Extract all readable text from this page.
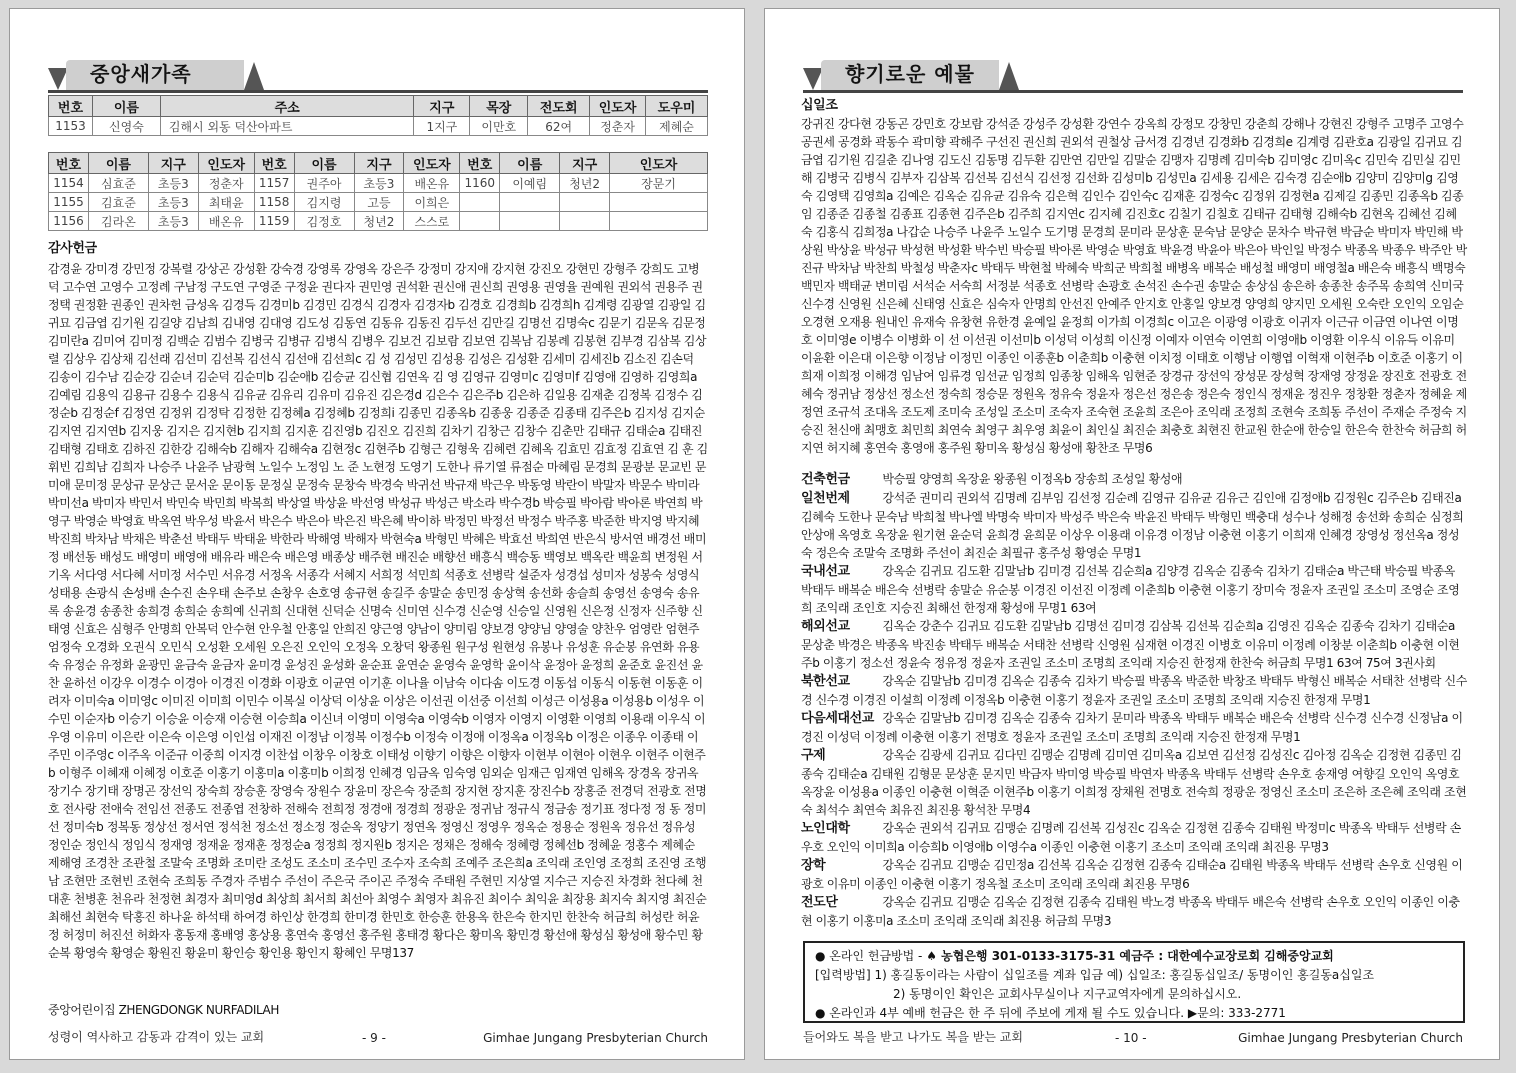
중앙새가족
번호	이름	주소	지구	목장	전도회	인도자	도우미
1153	신영숙	김해시 외동 덕산아파트	1지구	이만호	62여	정춘자	제혜순
번호	이름	지구	인도자	번호	이름	지구	인도자	번호	이름	지구	인도자
1154	심효준	초등3	정춘자	1157	권주아	초등3	배온유	1160	이예림	청년2	장문기
1155	김효준	초등3	최태윤	1158	김지령	고등	이희은				
1156	김라온	초등3	배온유	1159	김정호	청년2	스스로				
감사헌금
감경윤 강미경 강민정 강복렬 강상곤 강성환 강숙경 강영록 강영옥 강은주 강정미 강지애 강지현 강진오 강현민 강형주 강희도 고병덕 고수연 고영수 고정례 구남정 구도연 구영준 구정윤 권다자 권민영 권석환 권신애 권신희 권영용 권영율 권예원 권외석 권용주 권정택 권정환 권종인 권차헌 금성옥 김경득 김경미b 김경민 김경식 김경자 김경자b 김경호 김경희b 김경희h 김계령 김광열 김광일 김귀묘 김금엽 김기원 김길양 김남희 김내영 김대영 김도성 김동연 김동유 김동진 김두선 김만길 김명선 김명숙c 김문기 김문옥 김문정 김미란a 김미여 김미정 김백순 김범수 김병국 김병규 김병식 김병우 김보건 김보람 김보연 김복남 김봉례 김봉현 김부경 김삼복 김상렬 김상우 김상채 김선래 김선미 김선복 김선식 김선애 김선희c 김 성 김성민 김성용 김성은 김성환 김세미 김세진b 김소진 김손덕 김송이 김수남 김순강 김순녀 김순덕 김순미b 김순애b 김승균 김신협 김연옥 김 영 김영규 김영미c 김영미f 김영애 김영하 김영희a 김예림 김용익 김용규 김용수 김용식 김유균 김유리 김유미 김유진 김은경d 김은수 김은주b 김은하 김일용 김재춘 김정복 김정수 김정순b 김정순f 김정연 김정위 김정탁 김정한 김정혜a 김정혜b 김정희i 김종민 김종옥b 김종웅 김종준 김종태 김주은b 김지성 김지순 김지연 김지연b 김지웅 김지은 김지현b 김지희 김지훈 김진영b 김진오 김진희 김차기 김창근 김창수 김춘만 김태규 김태순a 김태진 김태형 김태호 김하진 김한강 김해숙b 김해자 김해숙a 김현정c 김현주b 김형근 김형욱 김혜련 김혜옥 김효민 김효정 김효연 김 훈 김휘빈 김희남 김희자 나승주 나윤주 남광혁 노일수 노정임 노 준 노현정 도영기 도한나 류기열 류점순 마혜림 문경희 문광분 문교빈 문미애 문미정 문상규 문상근 문서운 문이동 문정실 문정숙 문창숙 박경숙 박귀선 박규재 박근우 박동영 박란이 박말자 박문수 박미라 박미선a 박미자 박민서 박민숙 박민희 박복희 박상열 박상윤 박선영 박성규 박성근 박소라 박수경b 박승필 박아람 박아론 박연희 박영구 박영순 박영효 박옥연 박우성 박윤서 박은수 박은아 박은진 박은혜 박이하 박정민 박정선 박정수 박주홍 박준한 박지영 박지혜 박진희 박차남 박채은 박춘선 박태두 박태윤 박한라 박해영 박해자 박현숙a 박형민 박혜은 박효선 박희연 반은식 방서연 배경선 배미정 배선동 배성도 배영미 배영애 배유라 배은숙 배은영 배종상 배주현 배진순 배향선 배흥식 백승동 백영보 백옥란 백윤희 변정원 서기옥 서다영 서다혜 서미정 서수민 서유경 서정옥 서종각 서혜지 서희정 석민희 석종호 선병락 설준자 성경섭 성미자 성봉숙 성영식 성태용 손광식 손성배 손수진 손우태 손주보 손창우 손호영 송규현 송길주 송말순 송민정 송상혁 송선화 송슬희 송영선 송영숙 송유록 송윤경 송종찬 송희경 송희순 송희예 신귀희 신대현 신덕순 신명숙 신미연 신수경 신순영 신승일 신영원 신은정 신정자 신주향 신태영 신효은 심형주 안명희 안복덕 안수현 안우철 안홍일 안희진 양근영 양남이 양미림 양보경 양양님 양영술 양찬우 엄영란 엄현주 엄정숙 오경화 오권식 오민식 오성환 오세원 오은진 오인익 오정옥 오창덕 왕종원 원구성 원현성 유봉나 유성훈 유순봉 유연화 유용숙 유정순 유정화 윤광민 윤금숙 윤금자 윤미경 윤성진 윤성화 윤순표 윤연순 윤영숙 윤영학 윤이삭 윤정아 윤정희 윤준호 윤진선 윤 찬 윤하선 이강우 이경수 이경아 이경진 이경화 이광호 이균연 이기훈 이나율 이남숙 이다솜 이도경 이동섭 이동식 이동현 이동훈 이려자 이미숙a 이미영c 이미진 이미희 이민수 이복실 이상덕 이상윤 이상은 이선권 이선중 이선희 이성근 이성용a 이성용b 이성우 이수민 이순자b 이승기 이승윤 이승재 이승현 이승희a 이신녀 이영미 이영숙a 이영숙b 이영자 이영지 이영환 이영희 이용래 이우식 이우영 이유미 이은란 이은숙 이은영 이인섭 이재진 이정남 이정복 이정수b 이정숙 이정애 이정옥a 이정옥b 이정은 이종우 이종태 이주민 이주영c 이주옥 이준규 이중희 이지경 이찬섭 이창우 이창호 이태성 이향기 이향은 이향자 이현부 이현아 이현우 이현주 이현주b 이형주 이혜재 이혜정 이호준 이홍기 이홍미a 이홍미b 이희정 인혜경 임금옥 임숙영 임외순 임재근 임재연 임해옥 장경옥 장귀옥 장기수 장기태 장명곤 장선익 장숙희 장승훈 장영숙 장원수 장윤미 장은숙 장준희 장지현 장지훈 장진수b 장홍준 전경덕 전광호 전명호 전사랑 전애숙 전임선 전종도 전종엽 전창하 전해숙 전희정 정경애 정경희 정광운 정귀남 정규식 정금송 정기표 정다정 정 동 정미선 정미숙b 정복동 정상선 정서연 정석천 정소선 정소정 정순옥 정양기 정연옥 정영신 정영우 정옥순 정용순 정원옥 정유선 정유성 정인순 정인식 정임식 정재영 정재윤 정재훈 정정순a 정정희 정지원b 정지은 정채은 정해숙 정혜령 정혜선b 정혜윤 정홍수 제혜순 제해영 조경찬 조관철 조말숙 조명화 조미란 조성도 조소미 조수민 조수자 조숙희 조예주 조은희a 조익래 조인영 조정희 조진영 조행남 조현만 조현빈 조현숙 조희동 주경자 주범수 주선이 주은국 주이곤 주정숙 주태원 주현민 지상열 지수근 지승진 차경화 천다혜 천대훈 천병훈 천유라 천정현 최경자 최미영d 최상희 최서희 최선아 최영수 최영자 최유진 최이수 최익윤 최장용 최지숙 최지영 최진순 최해선 최현숙 탁홍진 하나윤 하석태 하여경 하인상 한경희 한미경 한민호 한승훈 한용옥 한은숙 한지민 한찬숙 허금희 허성란 허윤정 허정미 허진선 허화자 홍동재 홍배영 홍상용 홍연숙 홍영선 홍주원 홍태경 황다은 황미옥 황민경 황선애 황성심 황성애 황수민 황순복 황영숙 황영순 황원진 황윤미 황인승 황인용 황인지 황혜인 무명137
중앙어린이집 ZHENGDONGK NURFADILAH
성령이 역사하고 감동과 감격이 있는 교회	- 9 -	Gimhae Jungang Presbyterian Church
향기로운 예물
십일조
강귀진 강다현 강동곤 강민호 강보람 강석준 강성주 강성환 강연수 강옥희 강정모 강창민 강춘희 강해나 강현진 강형주 고명주 고영수 공권세 공경화 곽동수 곽미향 곽해주 구선진 권신희 권외석 권철상 금서경 김경년 김경화b 김경희e 김계령 김관호a 김광일 김귀묘 김금엽 김기원 김길춘 김나영 김도신 김동명 김두환 김만연 김만일 김말순 김맹자 김명례 김미숙b 김미영c 김미옥c 김민숙 김민실 김민해 김병국 김병식 김부자 김삼복 김선복 김선식 김선정 김선화 김성미b 김성민a 김세용 김세은 김숙경 김순애b 김양미 김양미g 김영숙 김영택 김영희a 김예은 김옥순 김유균 김유숙 김은혁 김인수 김인숙c 김재훈 김정숙c 김정위 김정현a 김제길 김종민 김종옥b 김종임 김종준 김종철 김종표 김종현 김주은b 김주희 김지연c 김지혜 김진호c 김칠기 김칠호 김태규 김태형 김해숙b 김현옥 김혜선 김혜숙 김홍식 김희정a 나갑순 나승주 나윤주 노일수 도기명 문경희 문미라 문상훈 문숙남 문양순 문차수 박규현 박금순 박미자 박민해 박상원 박상윤 박성규 박성현 박성환 박수빈 박승필 박아론 박영순 박영효 박윤경 박윤아 박은아 박인일 박정수 박종옥 박종우 박주안 박진규 박차남 박찬희 박철성 박춘자c 박태두 박현철 박혜숙 박희군 박희철 배병옥 배복순 배성철 배영미 배영철a 배은숙 배흥식 백명숙 백민자 백태균 변미림 서석순 서숙희 서정분 석종호 선병락 손광호 손석진 손수권 송말순 송상심 송은하 송종찬 송주목 송희역 신미국 신수경 신영원 신은혜 신태영 신효은 심숙자 안명희 안선진 안예주 안지호 안홍일 양보경 양영희 양지민 오세원 오숙란 오인익 오임순 오경현 오재용 원내인 유재숙 유창현 유한경 윤예일 윤정희 이가희 이경희c 이고은 이광영 이광호 이귀자 이근규 이금연 이나연 이명호 이미영e 이병수 이병화 이 선 이선권 이선미b 이성덕 이성희 이신정 이예자 이연숙 이연희 이영애b 이영환 이우식 이유득 이유미 이윤환 이은대 이은향 이정남 이정민 이종인 이종훈b 이춘희b 이충현 이치정 이태호 이행남 이행엽 이혁재 이현주b 이호준 이홍기 이희재 이희정 이해경 임남여 임류경 임선균 임정희 임종창 임해옥 임현준 장경규 장선익 장성문 장성혁 장재영 장정윤 장진호 전광호 전혜숙 정귀남 정상선 정소선 정숙희 정승문 정원옥 정유숙 정윤자 정은선 정은송 정은숙 정인식 정재윤 정진우 정창환 정춘자 정혜윤 제정연 조규석 조대옥 조도제 조미숙 조성일 조소미 조숙자 조숙현 조윤희 조은아 조익래 조정희 조현숙 조희동 주선이 주재순 주정숙 지승진 천신애 최맹호 최민희 최연숙 최영구 최우영 최윤이 최인실 최진순 최충호 최현진 한교원 한순애 한승일 한은숙 한찬숙 허금희 허지연 허지혜 홍연숙 홍영애 홍주원 황미옥 황성심 황성애 황찬조 무명6
건축헌금	박승필 양영희 옥장윤 왕종원 이정옥b 장송희 조성일 황성애
일천번제	강석준 권미리 권외석 김명례 김부임 김선정 김순례 김영규 김유균 김유근 김인애 김정애b 김정원c 김주은b 김태진a 김혜숙 도한나 문숙남 박희철 박나엘 박명숙 박미자 박성주 박은숙 박윤진 박태두 박형민 백충대 성수나 성해정 송선화 송희순 심정희 안상애 옥영호 옥장윤 원기현 윤순덕 윤희경 윤희문 이상우 이용래 이유경 이정남 이충현 이홍기 이희재 인혜경 장영성 정선옥a 정성숙 정은숙 조말숙 조명화 주선이 최진순 최필규 홍주성 황영순 무명1
국내선교	강옥순 김귀묘 김도환 김말남b 김미경 김선복 김순희a 김양경 김옥순 김종숙 김차기 김태순a 박근태 박승필 박종옥 박태두 배복순 배은숙 선병락 송말순 유순봉 이경진 이선진 이정례 이춘희b 이충현 이홍기 장미숙 정윤자 조권일 조소미 조영순 조영희 조익래 조인호 지승진 최해선 한정재 황성애 무명1 63여
해외선교	김옥순 강춘수 김귀묘 김도환 김말남b 김명선 김미경 김삼복 김선복 김순희a 김영진 김옥순 김종숙 김차기 김태순a 문상춘 박경은 박종옥 박진송 박태두 배복순 서태찬 선병락 신영원 심재현 이경진 이병호 이유미 이정례 이창분 이춘희b 이충현 이현주b 이홍기 정소선 정윤숙 정유정 정윤자 조권일 조소미 조명희 조익래 지승진 한정재 한찬숙 허금희 무명1 63여 75여 3권사회
북한선교	강옥순 김말남b 김미경 김옥순 김종숙 김차기 박승필 박종옥 박준한 박창조 박태두 박형신 배복순 서태찬 선병락 신수경 신수경 이경진 이설희 이정례 이정옥b 이충현 이홍기 정윤자 조권일 조소미 조명희 조익래 지승진 한정재 무명1
다음세대선교 강옥순 김말남b 김미경 김옥순 김종숙 김차기 문미라 박종옥 박태두 배복순 배은숙 선병락 신수경 신수경 신정남a 이경진 이성덕 이정례 이충현 이홍기 전명호 정윤자 조권일 조소미 조명희 조익래 지승진 한정재 무명1
구제	강옥순 김광세 김귀묘 김다민 김맹순 김명례 김미연 김미옥a 김보연 김선정 김성진c 김아정 김옥순 김정현 김종민 김종숙 김태순a 김태원 김형문 문상훈 문지민 박금자 박미영 박승필 박연자 박종옥 박태두 선병락 손우호 송재영 여향길 오인익 옥영호 옥장윤 이성용a 이종인 이충현 이혁준 이현주b 이홍기 이희정 장채원 전명호 전숙희 정광운 정영신 조소미 조은하 조은혜 조익래 조현숙 최석수 최연숙 최유진 최진용 황석찬 무명4
노인대학	강옥순 권외석 김귀묘 김맹순 김명례 김선복 김성진c 김옥순 김정현 김종숙 김태원 박정미c 박종옥 박태두 선병락 손우호 오인익 이미희a 이승희b 이영애b 이영수a 이종인 이충현 이홍기 조소미 조익래 조익래 최진용 무명3
장학	강옥순 김귀묘 김맹순 김민정a 김선복 김옥순 김정현 김종숙 김태순a 김태원 박종옥 박태두 선병락 손우호 신영원 이광호 이유미 이종인 이충현 이홍기 정옥철 조소미 조익래 조익래 최진용 무명6
전도단	강옥순 김귀묘 김맹순 김옥순 김정현 김종숙 김태원 박노경 박종옥 박태두 배은숙 선병락 손우호 오인익 이종인 이충현 이홍기 이홍미a 조소미 조익래 조익래 최진용 허금희 무명3
● 온라인 헌금방법 - ♠ 농협은행 301-0133-3175-31 예금주 : 대한예수교장로회 김해중앙교회
[입력방법] 1) 홍길동이라는 사람이 십일조를 계좌 입금 예) 십일조: 홍길동십일조/ 동명이인 홍길동a십일조
2) 동명이인 확인은 교회사무실이나 지구교역자에게 문의하십시오.
● 온라인과 4부 예배 헌금은 한 주 뒤에 주보에 게재 될 수도 있습니다. ▶문의: 333-2771
들어와도 복을 받고 나가도 복을 받는 교회	- 10 -	Gimhae Jungang Presbyterian Church
